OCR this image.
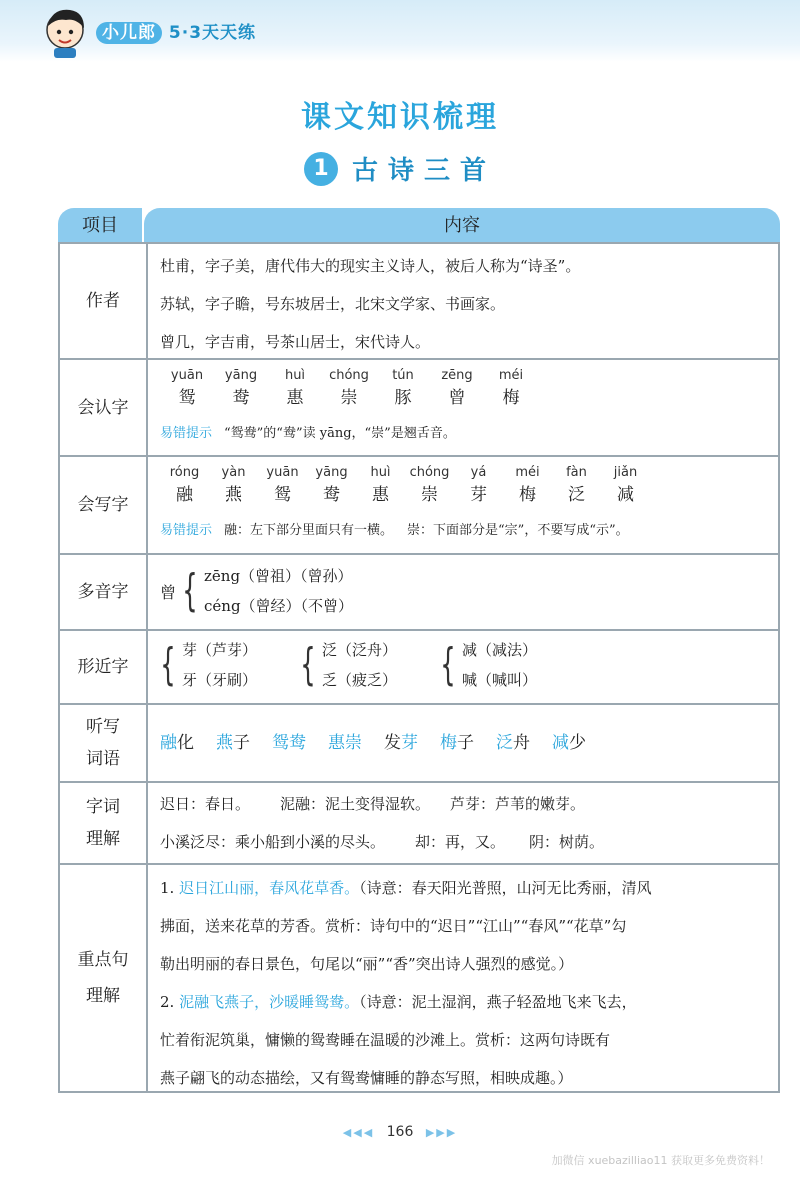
小儿郎 5·3天天练
课文知识梳理
1 古诗三首
项目	内容
作者
杜甫，字子美，唐代伟大的现实主义诗人，被后人称为“诗圣”。
苏轼，字子瞻，号东坡居士，北宋文学家、书画家。
曾几，字吉甫，号茶山居士，宋代诗人。
会认字
yuān yāng huì chóng tún zēng méi
鸳 鸯 惠 崇 豚 曾 梅
易错提示 “鸳鸯”的“鸯”读 yāng，“崇”是翘舌音。
会写字
róng yàn yuān yāng huì chóng yá méi fàn jiǎn
融 燕 鸳 鸯 惠 崇 芽 梅 泛 减
易错提示 融：左下部分里面只有一横。 崇：下面部分是“宗”，不要写成“示”。
多音字	曾 { zēng（曾祖）（曾孙）
céng（曾经）（不曾）
形近字 { 芽（芦芽）
牙（牙刷） { 泛（泛舟）
乏（疲乏） { 减（减法）
喊（喊叫）
听写
词语
融化 燕子 鸳鸯 惠崇 发芽 梅子 泛舟 减少
字词
理解
迟日：春日。 泥融：泥土变得湿软。 芦芽：芦苇的嫩芽。
小溪泛尽：乘小船到小溪的尽头。 却：再，又。 阴：树荫。
重点句
理解
1. 迟日江山丽，春风花草香。（诗意：春天阳光普照，山河无比秀丽，清风
拂面，送来花草的芳香。赏析：诗句中的“迟日”“江山”“春风”“花草”勾
勒出明丽的春日景色，句尾以“丽”“香”突出诗人强烈的感觉。）
2. 泥融飞燕子，沙暖睡鸳鸯。（诗意：泥土湿润，燕子轻盈地飞来飞去，
忙着衔泥筑巢，慵懒的鸳鸯睡在温暖的沙滩上。赏析：这两句诗既有
燕子翩飞的动态描绘，又有鸳鸯慵睡的静态写照，相映成趣。）
◀◀◀ 166 ▶▶▶
加微信 xuebazilliao11 获取更多免费资料！
